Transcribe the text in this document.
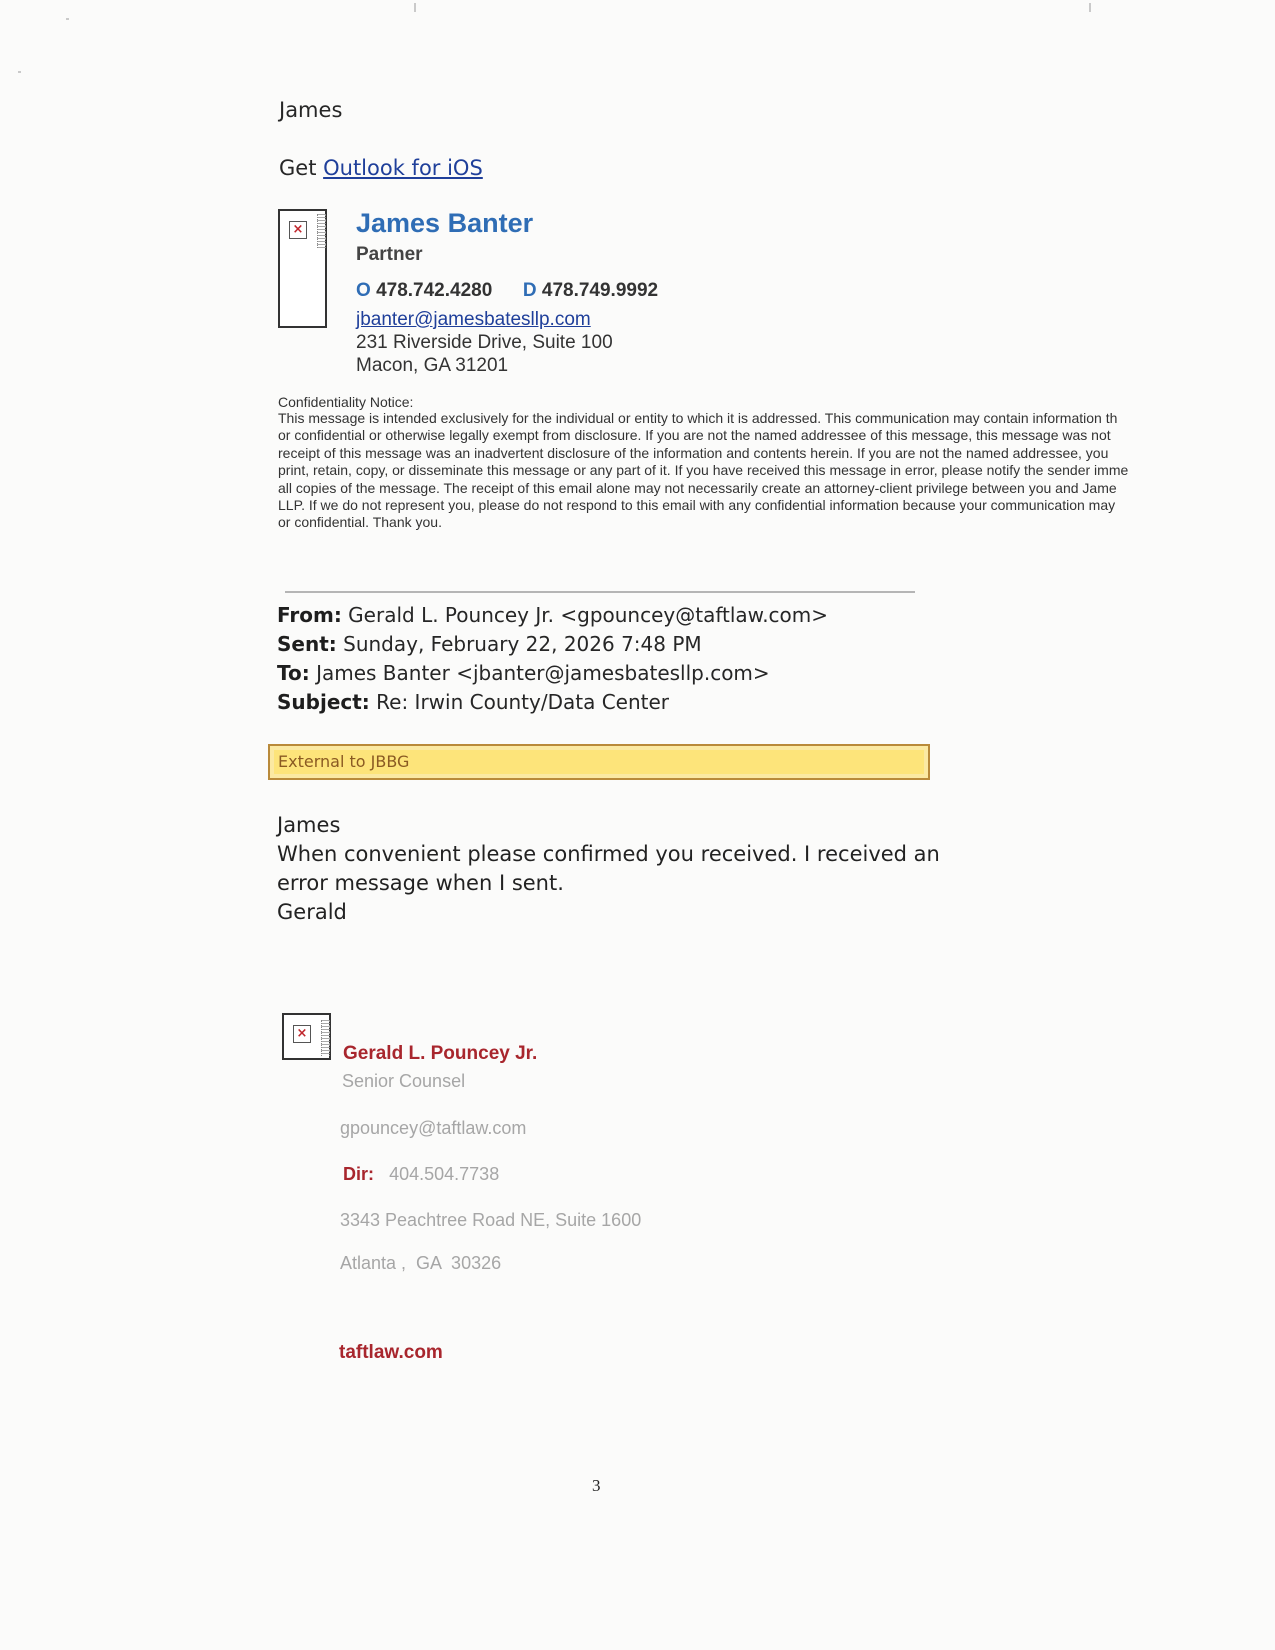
James
Get Outlook for iOS
× James Banter
Partner
O 478.742.4280 D 478.749.9992
jbanter@jamesbatesllp.com
231 Riverside Drive, Suite 100
Macon, GA 31201
Confidentiality Notice:
This message is intended exclusively for the individual or entity to which it is addressed. This communication may contain information th
or confidential or otherwise legally exempt from disclosure. If you are not the named addressee of this message, this message was not
receipt of this message was an inadvertent disclosure of the information and contents herein. If you are not the named addressee, you
print, retain, copy, or disseminate this message or any part of it. If you have received this message in error, please notify the sender imme
all copies of the message. The receipt of this email alone may not necessarily create an attorney-client privilege between you and Jame
LLP. If we do not represent you, please do not respond to this email with any confidential information because your communication may
or confidential. Thank you.
From: Gerald L. Pouncey Jr. <gpouncey@taftlaw.com>
Sent: Sunday, February 22, 2026 7:48 PM
To: James Banter <jbanter@jamesbatesllp.com>
Subject: Re: Irwin County/Data Center
External to JBBG
James
When convenient please confirmed you received. I received an
error message when I sent.
Gerald
×
Gerald L. Pouncey Jr.
Senior Counsel
gpouncey@taftlaw.com
Dir: 404.504.7738
3343 Peachtree Road NE, Suite 1600
Atlanta ,  GA  30326
taftlaw.com
3
